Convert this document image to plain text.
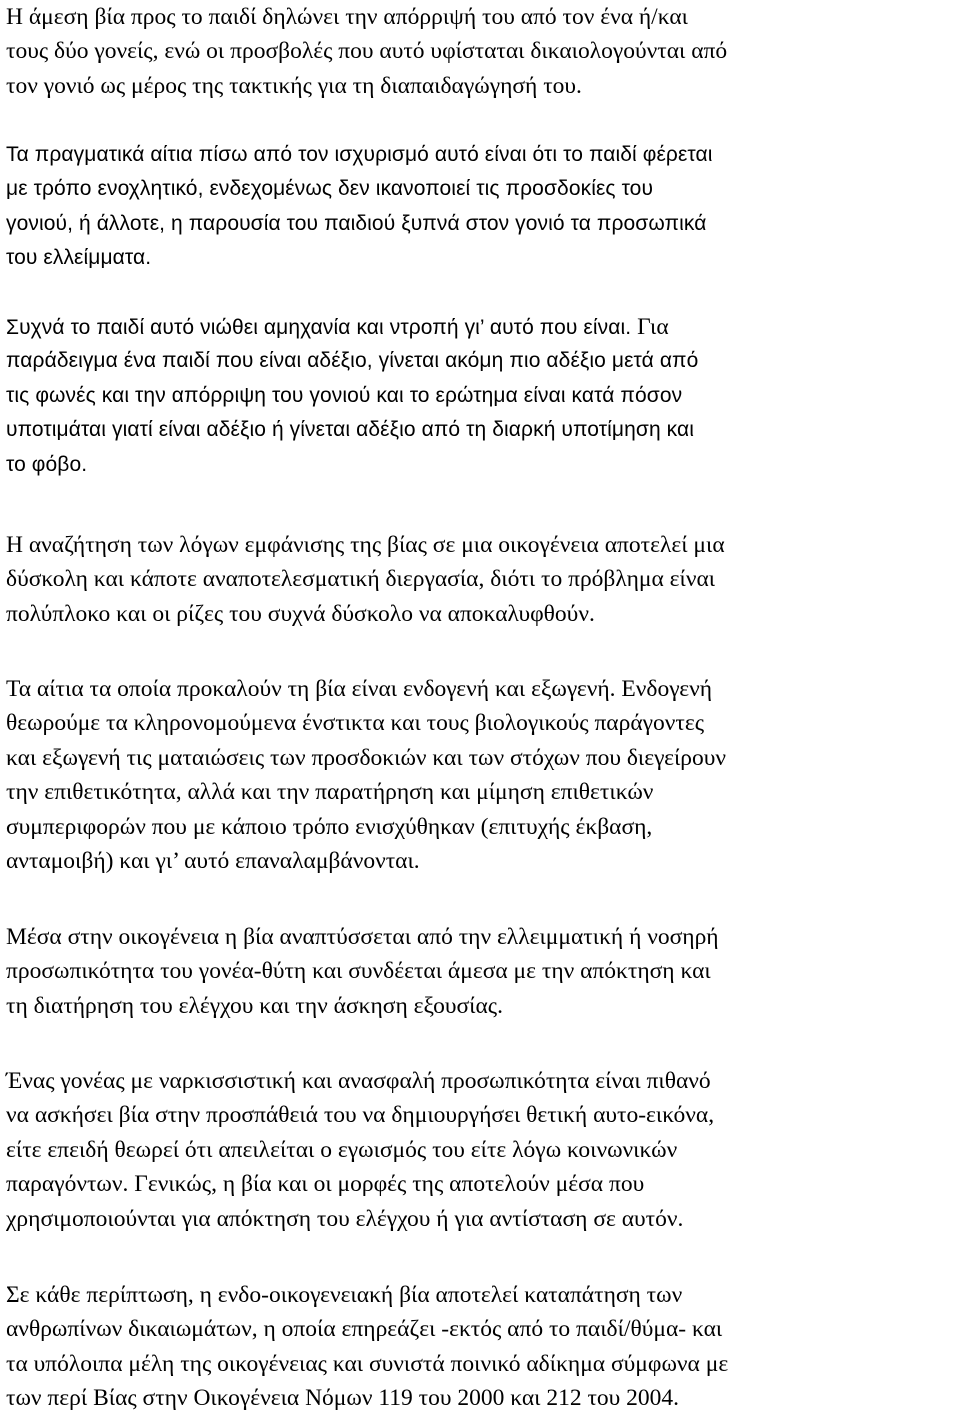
Η άμεση βία προς το παιδί δηλώνει την απόρριψή του από τον ένα ή/και
τους δύο γονείς, ενώ οι προσβολές που αυτό υφίσταται δικαιολογούνται από
τον γονιό ως μέρος της τακτικής για τη διαπαιδαγώγησή του.

Τα πραγματικά αίτια πίσω από τον ισχυρισμό αυτό είναι ότι το παιδί φέρεται
με τρόπο ενοχλητικό, ενδεχομένως δεν ικανοποιεί τις προσδοκίες του
γονιού, ή άλλοτε, η παρουσία του παιδιού ξυπνά στον γονιό τα προσωπικά
του ελλείμματα.

Συχνά το παιδί αυτό νιώθει αμηχανία και ντροπή γι’ αυτό που είναι. Για
παράδειγμα ένα παιδί που είναι αδέξιο, γίνεται ακόμη πιο αδέξιο μετά από
τις φωνές και την απόρριψη του γονιού και το ερώτημα είναι κατά πόσον
υποτιμάται γιατί είναι αδέξιο ή γίνεται αδέξιο από τη διαρκή υποτίμηση και
το φόβο.

Η αναζήτηση των λόγων εμφάνισης της βίας σε μια οικογένεια αποτελεί μια
δύσκολη και κάποτε αναποτελεσματική διεργασία, διότι το πρόβλημα είναι
πολύπλοκο και οι ρίζες του συχνά δύσκολο να αποκαλυφθούν.

Τα αίτια τα οποία προκαλούν τη βία είναι ενδογενή και εξωγενή. Ενδογενή
θεωρούμε τα κληρονομούμενα ένστικτα και τους βιολογικούς παράγοντες
και εξωγενή τις ματαιώσεις των προσδοκιών και των στόχων που διεγείρουν
την επιθετικότητα, αλλά και την παρατήρηση και μίμηση επιθετικών
συμπεριφορών που με κάποιο τρόπο ενισχύθηκαν (επιτυχής έκβαση,
ανταμοιβή) και γι’ αυτό επαναλαμβάνονται.

Μέσα στην οικογένεια η βία αναπτύσσεται από την ελλειμματική ή νοσηρή
προσωπικότητα του γονέα-θύτη και συνδέεται άμεσα με την απόκτηση και
τη διατήρηση του ελέγχου και την άσκηση εξουσίας.

Ένας γονέας με ναρκισσιστική και ανασφαλή προσωπικότητα είναι πιθανό
να ασκήσει βία στην προσπάθειά του να δημιουργήσει θετική αυτο-εικόνα,
είτε επειδή θεωρεί ότι απειλείται ο εγωισμός του είτε λόγω κοινωνικών
παραγόντων. Γενικώς, η βία και οι μορφές της αποτελούν μέσα που
χρησιμοποιούνται για απόκτηση του ελέγχου ή για αντίσταση σε αυτόν.

Σε κάθε περίπτωση, η ενδο-οικογενειακή βία αποτελεί καταπάτηση των
ανθρωπίνων δικαιωμάτων, η οποία επηρεάζει -εκτός από το παιδί/θύμα- και
τα υπόλοιπα μέλη της οικογένειας και συνιστά ποινικό αδίκημα σύμφωνα με
των περί Βίας στην Οικογένεια Νόμων 119 του 2000 και 212 του 2004.
